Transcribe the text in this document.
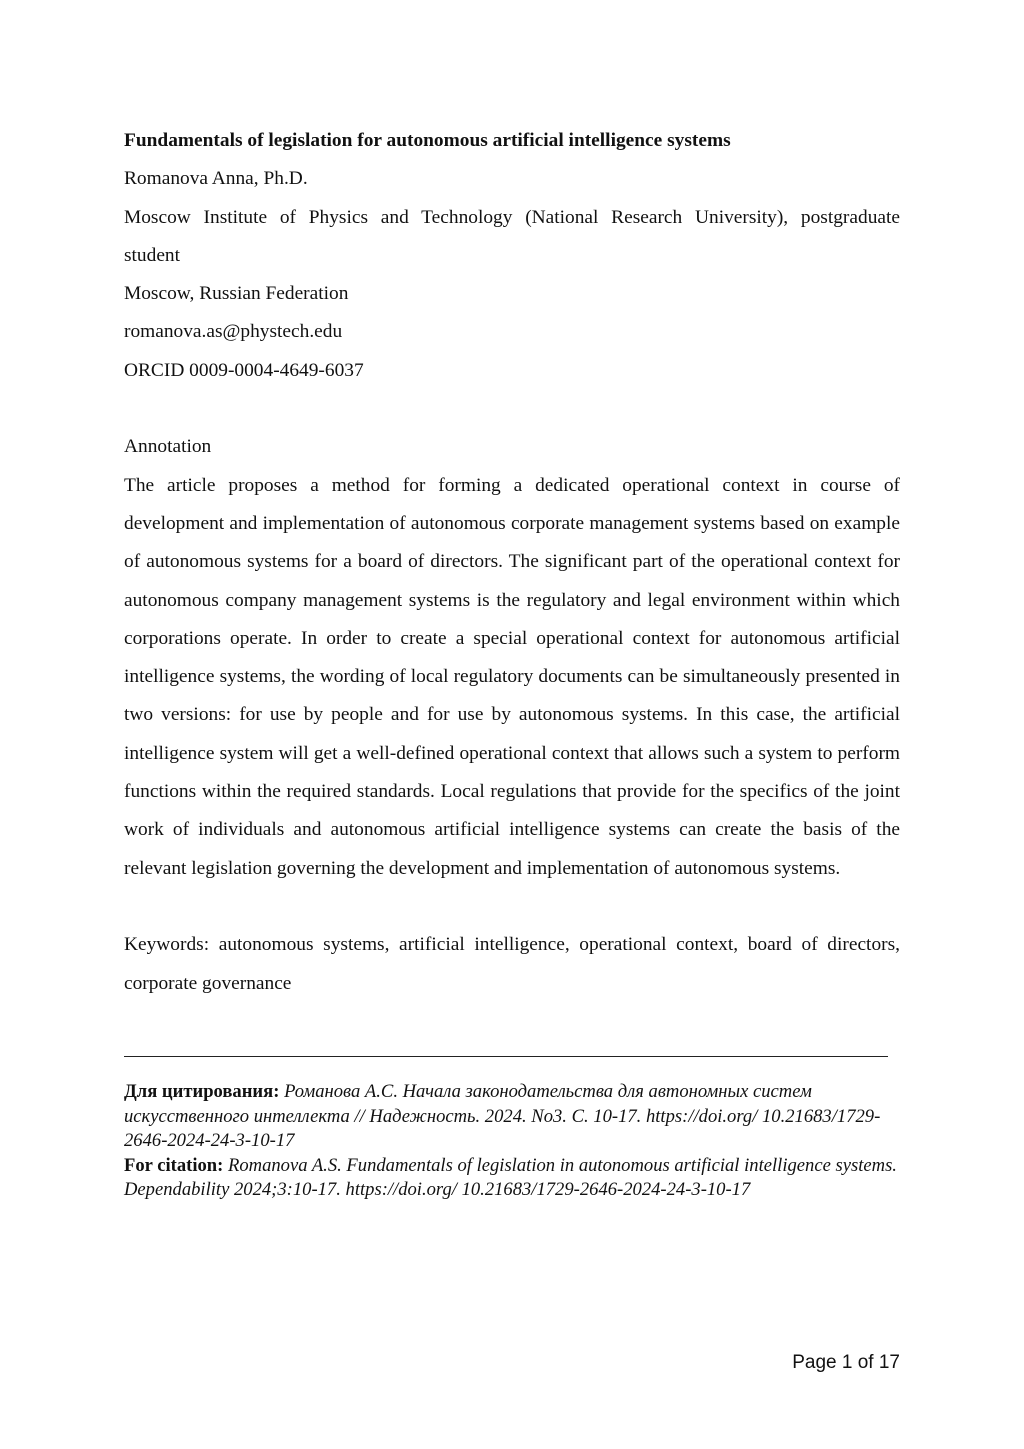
Fundamentals of legislation for autonomous artificial intelligence systems

Romanova Anna, Ph.D.

Moscow Institute of Physics and Technology (National Research University), postgraduate

student

Moscow, Russian Federation

romanova.as@phystech.edu

ORCID 0009-0004-4649-6037

Annotation

The article proposes a method for forming a dedicated operational context in course of development and implementation of autonomous corporate management systems based on example of autonomous systems for a board of directors. The significant part of the operational context for autonomous company management systems is the regulatory and legal environment within which corporations operate. In order to create a special operational context for autonomous artificial intelligence systems, the wording of local regulatory documents can be simultaneously presented in two versions: for use by people and for use by autonomous systems. In this case, the artificial intelligence system will get a well-defined operational context that allows such a system to perform functions within the required standards. Local regulations that provide for the specifics of the joint work of individuals and autonomous artificial intelligence systems can create the basis of the relevant legislation governing the development and implementation of autonomous systems.

Keywords: autonomous systems, artificial intelligence, operational context, board of directors, corporate governance

Для цитирования: Романова А.С. Начала законодательства для автономных систем искусственного интеллекта // Надежность. 2024. No3. С. 10-17. https://doi.org/ 10.21683/1729- 2646-2024-24-3-10-17

For citation: Romanova A.S. Fundamentals of legislation in autonomous artificial intelligence systems. Dependability 2024;3:10-17. https://doi.org/ 10.21683/1729-2646-2024-24-3-10-17

Page 1 of 17
